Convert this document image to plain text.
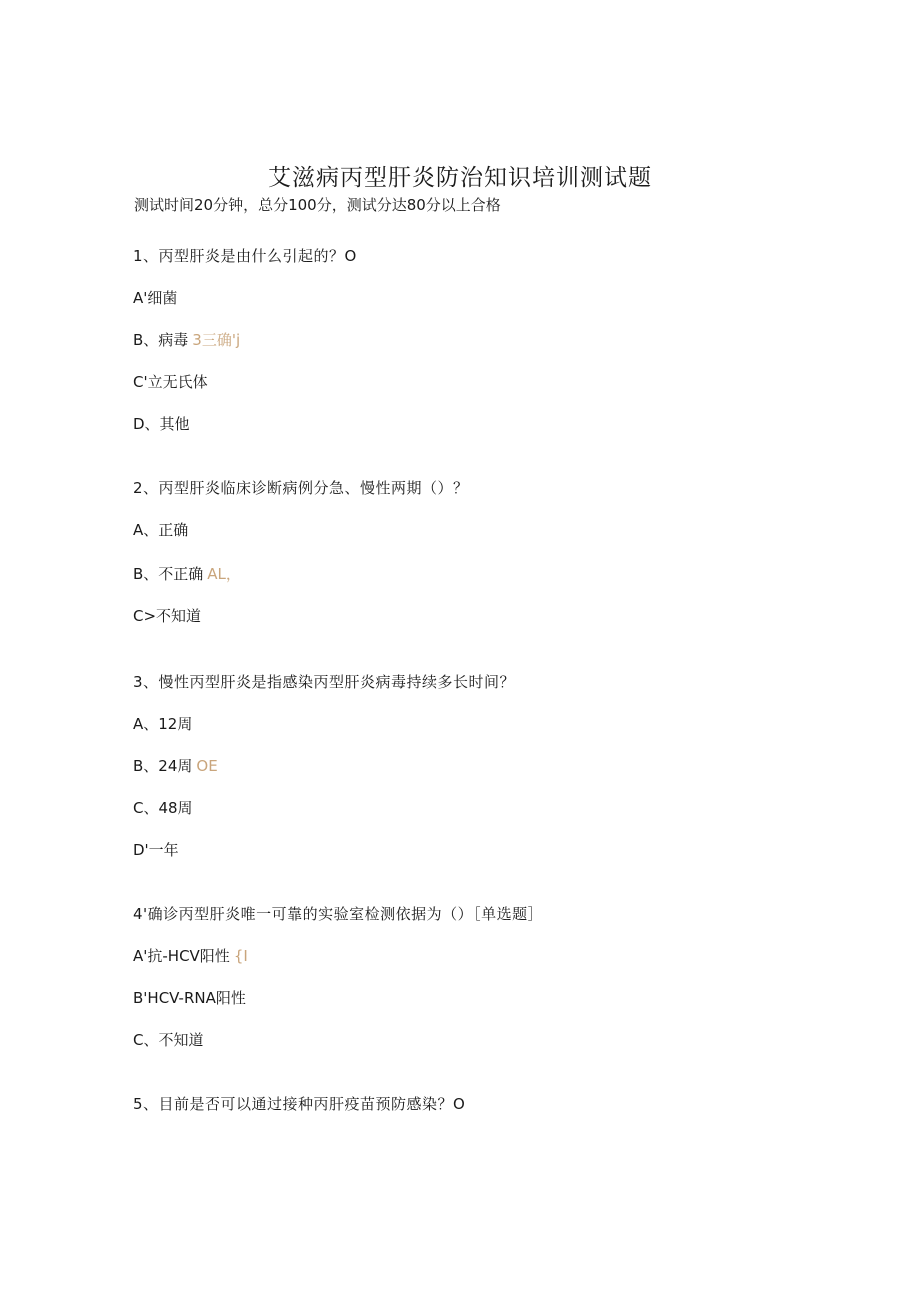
艾滋病丙型肝炎防治知识培训测试题
测试时间20分钟，总分100分，测试分达80分以上合格
1、丙型肝炎是由什么引起的？O
A'细菌
B、病毒 3三确'j
C'立无氏体
D、其他
2、丙型肝炎临床诊断病例分急、慢性两期（）？
A、正确
B、不正确 AL，
C>不知道
3、慢性丙型肝炎是指感染丙型肝炎病毒持续多长时间？
A、12周
B、24周 OE
C、48周
D'一年
4'确诊丙型肝炎唯一可靠的实验室检测依据为（）［单选题］
A'抗-HCV阳性 {I
B'HCV-RNA阳性
C、不知道
5、目前是否可以通过接种丙肝疫苗预防感染？O
